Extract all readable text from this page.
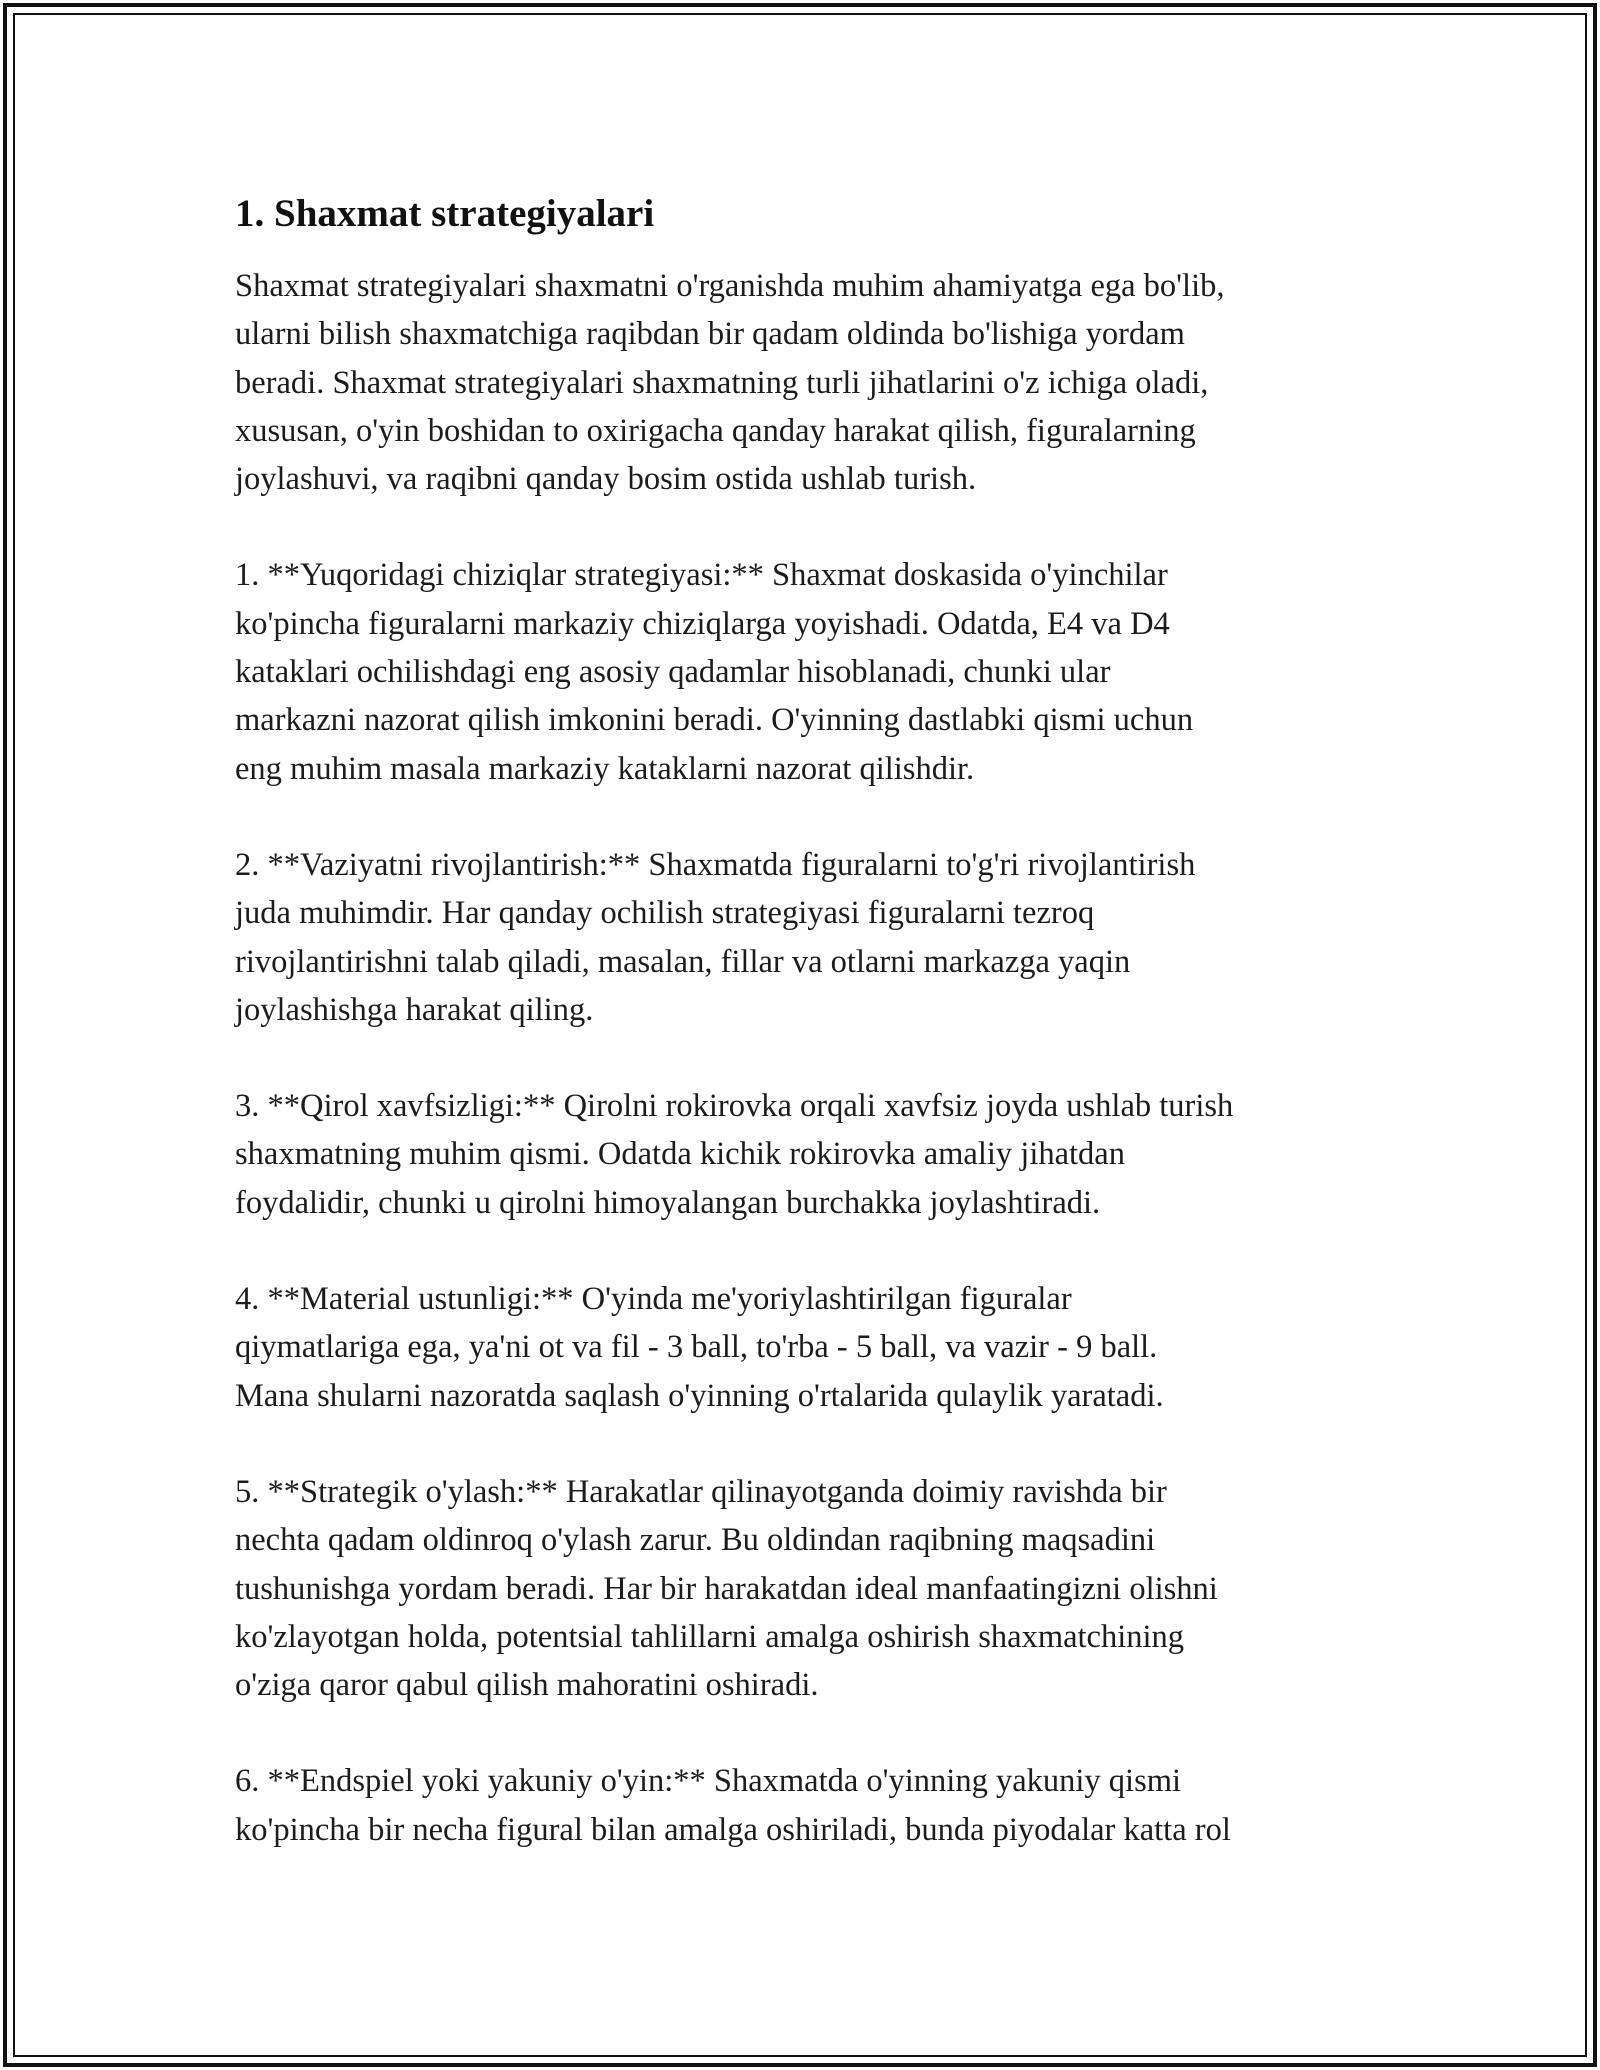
1. Shaxmat strategiyalari

Shaxmat strategiyalari shaxmatni o'rganishda muhim ahamiyatga ega bo'lib,
ularni bilish shaxmatchiga raqibdan bir qadam oldinda bo'lishiga yordam
beradi. Shaxmat strategiyalari shaxmatning turli jihatlarini o'z ichiga oladi,
xususan, o'yin boshidan to oxirigacha qanday harakat qilish, figuralarning
joylashuvi, va raqibni qanday bosim ostida ushlab turish.

1. **Yuqoridagi chiziqlar strategiyasi:** Shaxmat doskasida o'yinchilar
ko'pincha figuralarni markaziy chiziqlarga yoyishadi. Odatda, E4 va D4
kataklari ochilishdagi eng asosiy qadamlar hisoblanadi, chunki ular
markazni nazorat qilish imkonini beradi. O'yinning dastlabki qismi uchun
eng muhim masala markaziy kataklarni nazorat qilishdir.

2. **Vaziyatni rivojlantirish:** Shaxmatda figuralarni to'g'ri rivojlantirish
juda muhimdir. Har qanday ochilish strategiyasi figuralarni tezroq
rivojlantirishni talab qiladi, masalan, fillar va otlarni markazga yaqin
joylashishga harakat qiling.

3. **Qirol xavfsizligi:** Qirolni rokirovka orqali xavfsiz joyda ushlab turish
shaxmatning muhim qismi. Odatda kichik rokirovka amaliy jihatdan
foydalidir, chunki u qirolni himoyalangan burchakka joylashtiradi.

4. **Material ustunligi:** O'yinda me'yoriylashtirilgan figuralar
qiymatlariga ega, ya'ni ot va fil - 3 ball, to'rba - 5 ball, va vazir - 9 ball.
Mana shularni nazoratda saqlash o'yinning o'rtalarida qulaylik yaratadi.

5. **Strategik o'ylash:** Harakatlar qilinayotganda doimiy ravishda bir
nechta qadam oldinroq o'ylash zarur. Bu oldindan raqibning maqsadini
tushunishga yordam beradi. Har bir harakatdan ideal manfaatingizni olishni
ko'zlayotgan holda, potentsial tahlillarni amalga oshirish shaxmatchining
o'ziga qaror qabul qilish mahoratini oshiradi.

6. **Endspiel yoki yakuniy o'yin:** Shaxmatda o'yinning yakuniy qismi
ko'pincha bir necha figural bilan amalga oshiriladi, bunda piyodalar katta rol
